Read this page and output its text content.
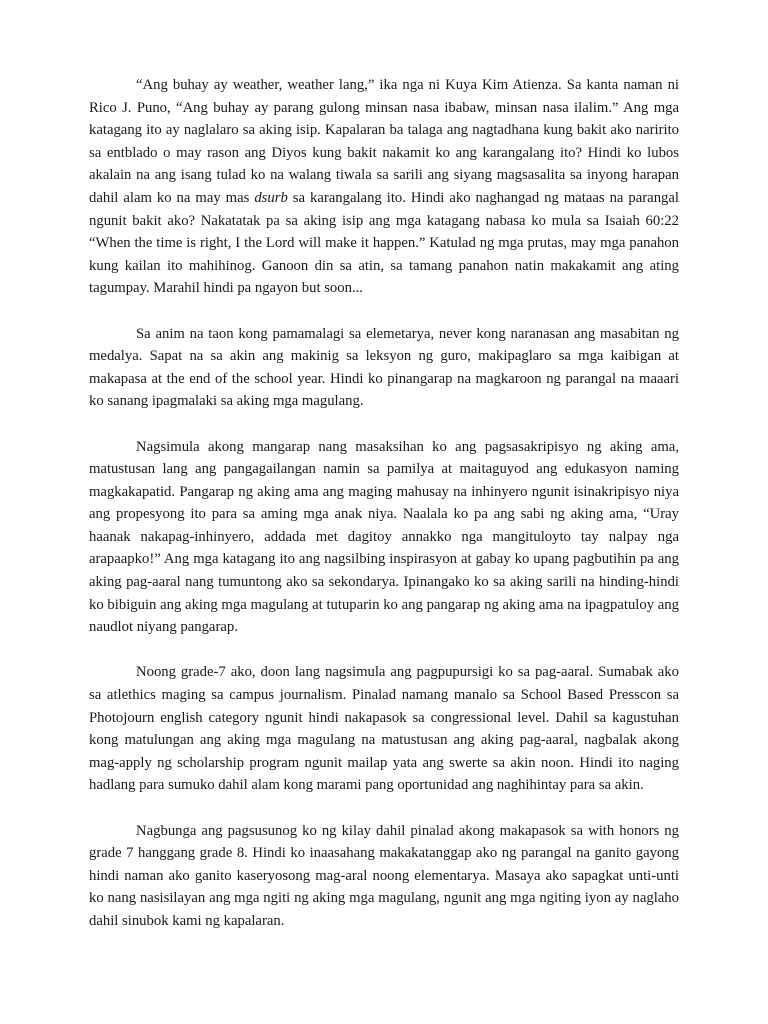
“Ang buhay ay weather, weather lang,” ika nga ni Kuya Kim Atienza. Sa kanta naman ni Rico J. Puno, “Ang buhay ay parang gulong minsan nasa ibabaw, minsan nasa ilalim.” Ang mga katagang ito ay naglalaro sa aking isip. Kapalaran ba talaga ang nagtadhana kung bakit ako naririto sa entblado o may rason ang Diyos kung bakit nakamit ko ang karangalang ito? Hindi ko lubos akalain na ang isang tulad ko na walang tiwala sa sarili ang siyang magsasalita sa inyong harapan dahil alam ko na may mas dsurb sa karangalang ito. Hindi ako naghangad ng mataas na parangal ngunit bakit ako? Nakatatak pa sa aking isip ang mga katagang nabasa ko mula sa Isaiah 60:22 “When the time is right, I the Lord will make it happen.” Katulad ng mga prutas, may mga panahon kung kailan ito mahihinog. Ganoon din sa atin, sa tamang panahon natin makakamit ang ating tagumpay. Marahil hindi pa ngayon but soon...

Sa anim na taon kong pamamalagi sa elemetarya, never kong naranasan ang masabitan ng medalya. Sapat na sa akin ang makinig sa leksyon ng guro, makipaglaro sa mga kaibigan at makapasa at the end of the school year. Hindi ko pinangarap na magkaroon ng parangal na maaari ko sanang ipagmalaki sa aking mga magulang.

Nagsimula akong mangarap nang masaksihan ko ang pagsasakripisyo ng aking ama, matustusan lang ang pangagailangan namin sa pamilya at maitaguyod ang edukasyon naming magkakapatid. Pangarap ng aking ama ang maging mahusay na inhinyero ngunit isinakripisyo niya ang propesyong ito para sa aming mga anak niya. Naalala ko pa ang sabi ng aking ama, “Uray haanak nakapag-inhinyero, addada met dagitoy annakko nga mangituloyto tay nalpay nga arapaapko!” Ang mga katagang ito ang nagsilbing inspirasyon at gabay ko upang pagbutihin pa ang aking pag-aaral nang tumuntong ako sa sekondarya. Ipinangako ko sa aking sarili na hinding-hindi ko bibiguin ang aking mga magulang at tutuparin ko ang pangarap ng aking ama na ipagpatuloy ang naudlot niyang pangarap.

Noong grade-7 ako, doon lang nagsimula ang pagpupursigi ko sa pag-aaral. Sumabak ako sa atlethics maging sa campus journalism. Pinalad namang manalo sa School Based Presscon sa Photojourn english category ngunit hindi nakapasok sa congressional level. Dahil sa kagustuhan kong matulungan ang aking mga magulang na matustusan ang aking pag-aaral, nagbalak akong mag-apply ng scholarship program ngunit mailap yata ang swerte sa akin noon. Hindi ito naging hadlang para sumuko dahil alam kong marami pang oportunidad ang naghihintay para sa akin.

Nagbunga ang pagsusunog ko ng kilay dahil pinalad akong makapasok sa with honors ng grade 7 hanggang grade 8. Hindi ko inaasahang makakatanggap ako ng parangal na ganito gayong hindi naman ako ganito kaseryosong mag-aral noong elementarya. Masaya ako sapagkat unti-unti ko nang nasisilayan ang mga ngiti ng aking mga magulang, ngunit ang mga ngiting iyon ay naglaho dahil sinubok kami ng kapalaran.
